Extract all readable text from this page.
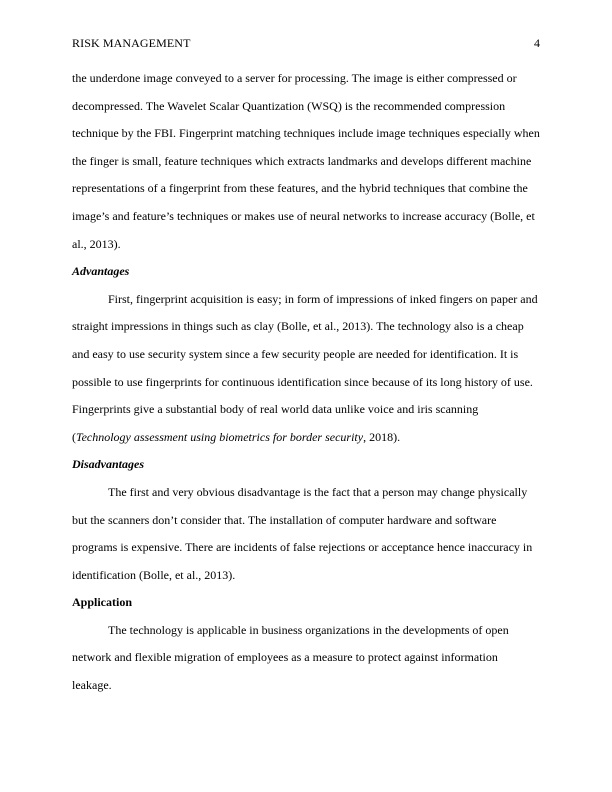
RISK MANAGEMENT	4
the underdone image conveyed to a server for processing. The image is either compressed or
decompressed. The Wavelet Scalar Quantization (WSQ) is the recommended compression
technique by the FBI. Fingerprint matching techniques include image techniques especially when
the finger is small, feature techniques which extracts landmarks and develops different machine
representations of a fingerprint from these features, and the hybrid techniques that combine the
image’s and feature’s techniques or makes use of neural networks to increase accuracy (Bolle, et
al., 2013).
Advantages
First, fingerprint acquisition is easy; in form of impressions of inked fingers on paper and
straight impressions in things such as clay (Bolle, et al., 2013). The technology also is a cheap
and easy to use security system since a few security people are needed for identification. It is
possible to use fingerprints for continuous identification since because of its long history of use.
Fingerprints give a substantial body of real world data unlike voice and iris scanning
(Technology assessment using biometrics for border security, 2018).
Disadvantages
The first and very obvious disadvantage is the fact that a person may change physically
but the scanners don’t consider that. The installation of computer hardware and software
programs is expensive. There are incidents of false rejections or acceptance hence inaccuracy in
identification (Bolle, et al., 2013).
Application
The technology is applicable in business organizations in the developments of open
network and flexible migration of employees as a measure to protect against information
leakage.
